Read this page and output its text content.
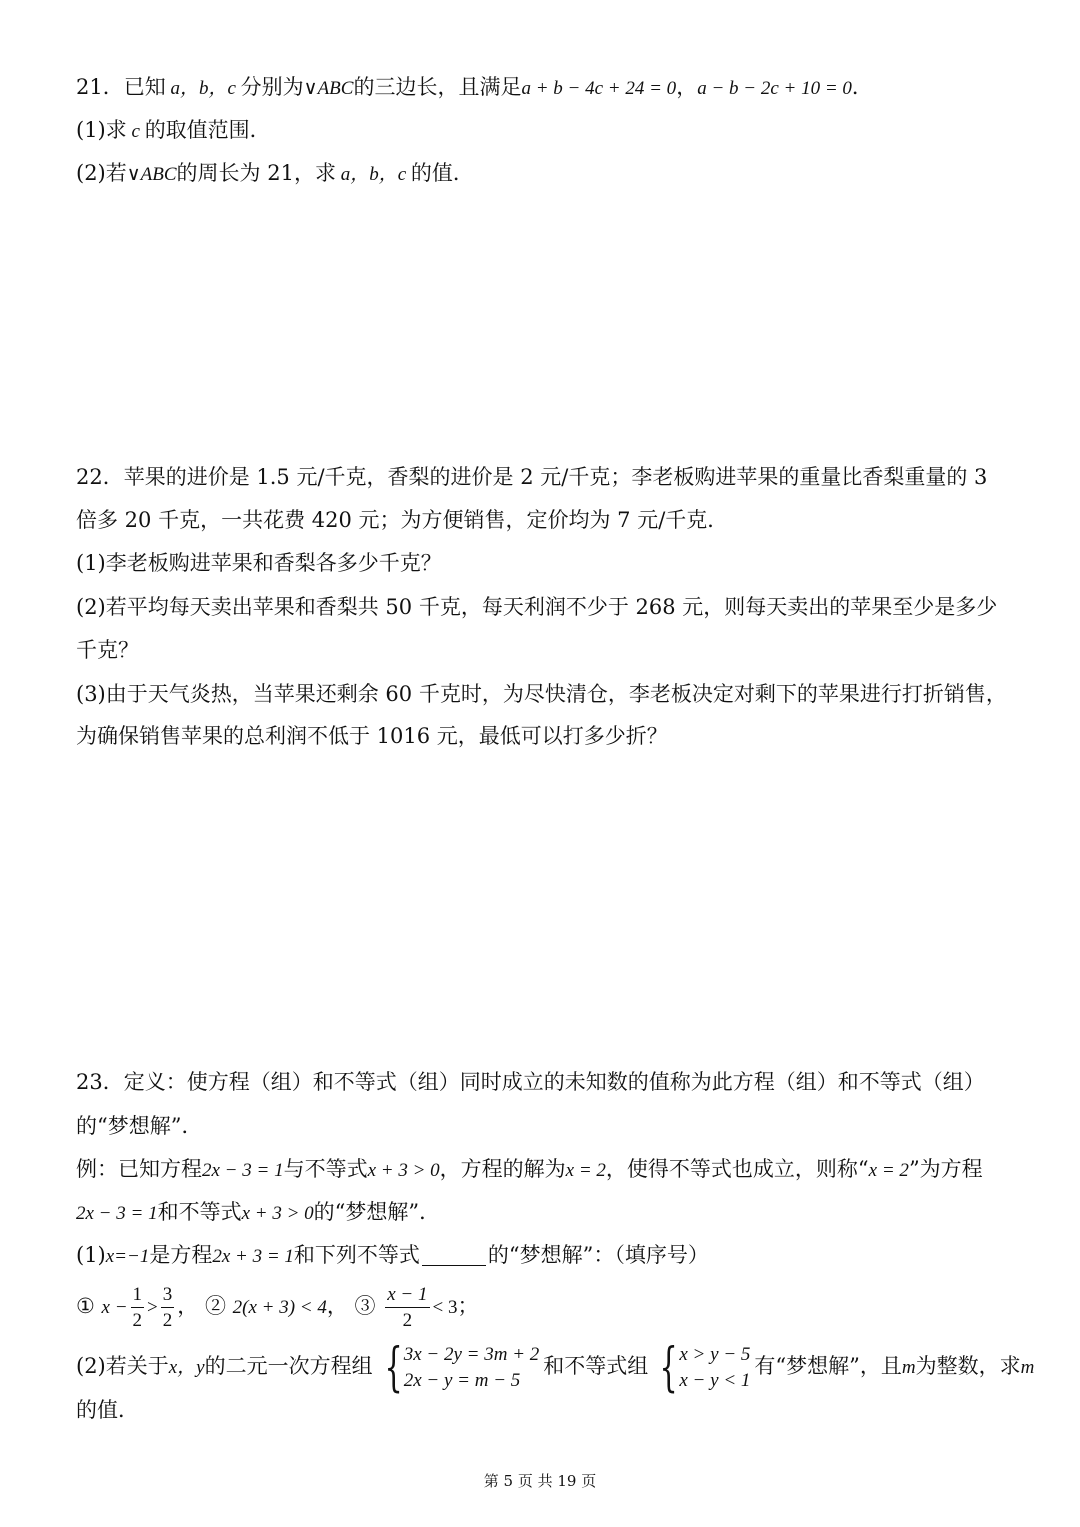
21．已知 a，b，c 分别为∨ABC的三边长，且满足a + b − 4c + 24 = 0，a − b − 2c + 10 = 0．
(1)求 c 的取值范围．
(2)若∨ABC的周长为 21，求 a，b，c 的值．
22．苹果的进价是 1.5 元/千克，香梨的进价是 2 元/千克；李老板购进苹果的重量比香梨重量的 3
倍多 20 千克，一共花费 420 元；为方便销售，定价均为 7 元/千克．
(1)李老板购进苹果和香梨各多少千克？
(2)若平均每天卖出苹果和香梨共 50 千克，每天利润不少于 268 元，则每天卖出的苹果至少是多少
千克？
(3)由于天气炎热，当苹果还剩余 60 千克时，为尽快清仓，李老板决定对剩下的苹果进行打折销售，
为确保销售苹果的总利润不低于 1016 元，最低可以打多少折？
23．定义：使方程（组）和不等式（组）同时成立的未知数的值称为此方程（组）和不等式（组）
的“梦想解”．
例：已知方程2x − 3 = 1与不等式x + 3 > 0，方程的解为x = 2，使得不等式也成立，则称“x = 2”为方程
2x − 3 = 1和不等式x + 3 > 0的“梦想解”．
(1)x=−1是方程2x + 3 = 1和下列不等式	的“梦想解”：（填序号）
① $x - \frac{1}{2} > \frac{3}{2}$ ， ② 2(x + 3) < 4， ③ $\frac{x - 1}{2} < 3$；
(2)若关于x，y的二元一次方程组 { 3x − 2y = 3m + 2
2x − y = m − 5
和不等式组 { x > y − 5
x − y < 1
有“梦想解”，且m为整数，求m
的值．
第 5 页 共 19 页
